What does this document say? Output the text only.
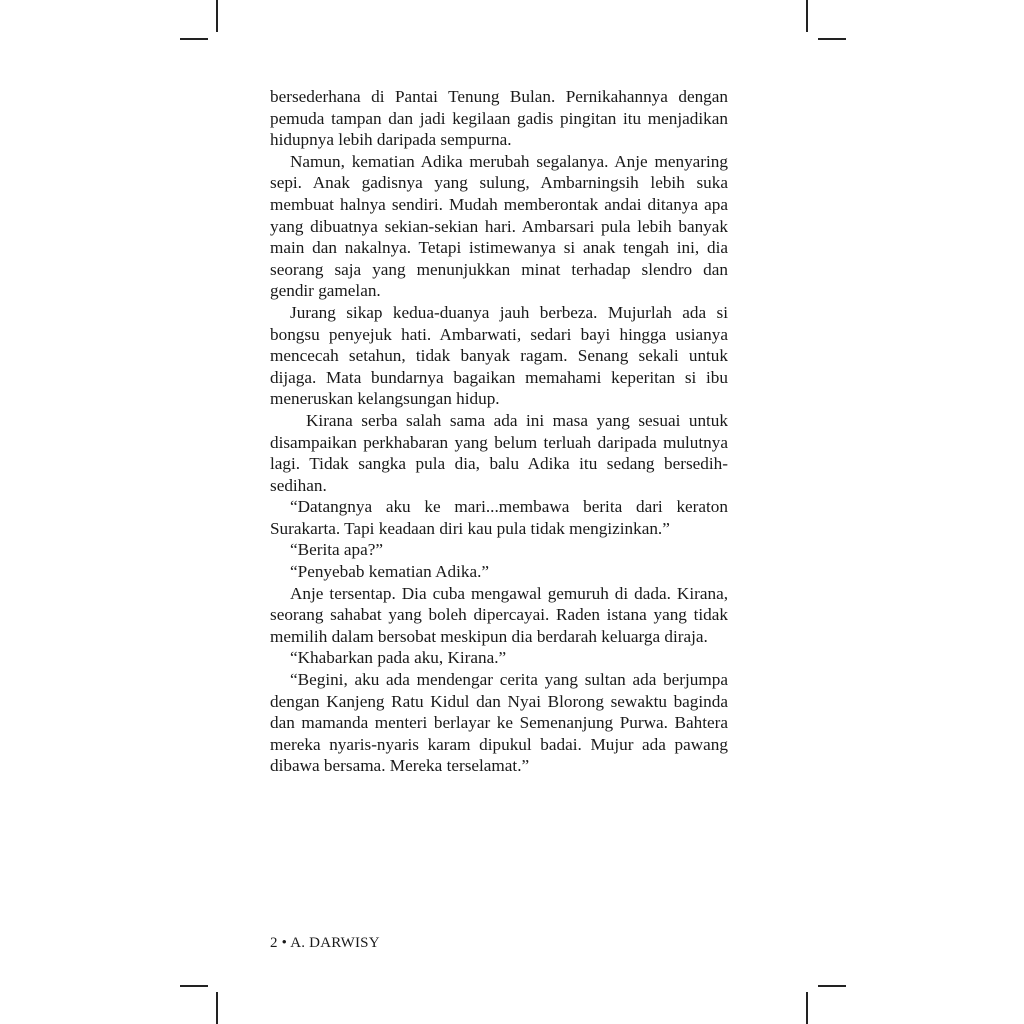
bersederhana di Pantai Tenung Bulan. Pernikahannya dengan pemuda tampan dan jadi kegilaan gadis pingitan itu menjadikan hidupnya lebih daripada sempurna.

Namun, kematian Adika merubah segalanya. Anje menyaring sepi. Anak gadisnya yang sulung, Ambarningsih lebih suka membuat halnya sendiri. Mudah memberontak andai ditanya apa yang dibuatnya sekian-sekian hari. Ambarsari pula lebih banyak main dan nakalnya. Tetapi istimewanya si anak tengah ini, dia seorang saja yang menunjukkan minat terhadap slendro dan gendir gamelan.

Jurang sikap kedua-duanya jauh berbeza. Mujurlah ada si bongsu penyejuk hati. Ambarwati, sedari bayi hingga usianya mencecah setahun, tidak banyak ragam. Senang sekali untuk dijaga. Mata bundarnya bagaikan memahami keperitan si ibu meneruskan kelangsungan hidup.

Kirana serba salah sama ada ini masa yang sesuai untuk disampaikan perkhabaran yang belum terluah daripada mulutnya lagi. Tidak sangka pula dia, balu Adika itu sedang bersedih-sedihan.

“Datangnya aku ke mari...membawa berita dari keraton Surakarta. Tapi keadaan diri kau pula tidak mengizinkan.”

“Berita apa?”

“Penyebab kematian Adika.”

Anje tersentap. Dia cuba mengawal gemuruh di dada. Kirana, seorang sahabat yang boleh dipercayai. Raden istana yang tidak memilih dalam bersobat meskipun dia berdarah keluarga diraja.

“Khabarkan pada aku, Kirana.”

“Begini, aku ada mendengar cerita yang sultan ada berjumpa dengan Kanjeng Ratu Kidul dan Nyai Blorong sewaktu baginda dan mamanda menteri berlayar ke Semenanjung Purwa. Bahtera mereka nyaris-nyaris karam dipukul badai. Mujur ada pawang dibawa bersama. Mereka terselamat.”

2 • A. DARWISY
